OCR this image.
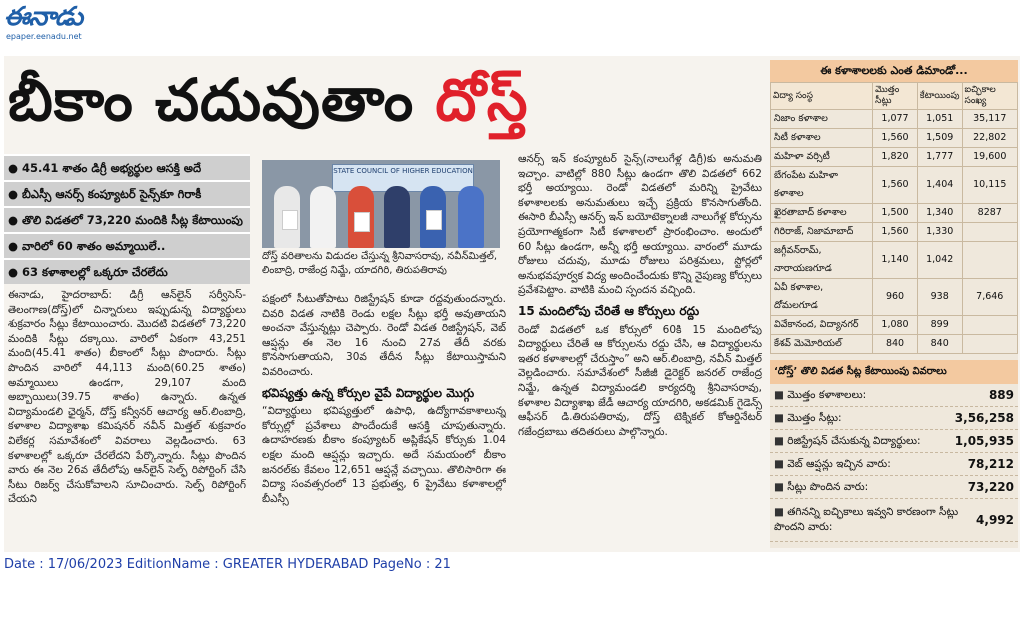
ఈనాడు
epaper.eenadu.net
బీకాం చదువుతాం దోస్త్
● 45.41 శాతం డిగ్రీ అభ్యర్థుల ఆసక్తి అదే
● బీఎస్సీ ఆనర్స్ కంప్యూటర్ సైన్స్‌కూ గిరాకీ
● తొలి విడతలో 73,220 మందికి సీట్ల కేటాయింపు
● వారిలో 60 శాతం అమ్మాయిలే..
● 63 కళాశాలల్లో ఒక్కరూ చేరలేదు
ఈనాడు, హైదరాబాద్: డిగ్రీ ఆన్‌లైన్ సర్వీసెస్-తెలంగాణ(దోస్త్)లో చిన్నారులు ఇప్పుడున్న విద్యార్థులు శుక్రవారం సీట్లు కేటాయించారు. మొదటి విడతలో 73,220 మందికి సీట్లు దక్కాయి. వారిలో ఏకంగా 43,251 మంది(45.41 శాతం) బీకాంలో సీట్లు పొందారు. సీట్లు పొందిన వారిలో 44,113 మంది(60.25 శాతం) అమ్మాయిలు ఉండగా, 29,107 మంది అబ్బాయిలు(39.75 శాతం) ఉన్నారు. ఉన్నత విద్యామండలి ఛైర్మన్, దోస్త్ కన్వీనర్ ఆచార్య ఆర్.లింబాద్రి, కళాశాల విద్యాశాఖ కమిషనర్ నవీన్ మిత్తల్ శుక్రవారం విలేకర్ల సమావేశంలో వివరాలు వెల్లడించారు. 63 కళాశాలల్లో ఒక్కరూ చేరలేదని పేర్కొన్నారు. సీట్లు పొందిన వారు ఈ నెల 26వ తేదీలోపు ఆన్‌లైన్ సెల్ఫ్ రిపోర్టింగ్ చేసి సీటు రిజర్వ్ చేసుకోవాలని సూచించారు. సెల్ఫ్ రిపోర్టింగ్ చేయని
STATE COUNCIL OF HIGHER EDUCATION
దోస్త్ వరితాలను విడుదల చేస్తున్న శ్రీనివాసరావు, నవీన్‌మిత్తల్, లింబాద్రి, రాజేంద్ర నిమ్జే, యాదగిరి, తిరుపతిరావు
పక్షంలో సీటుతోపాటు రిజిస్ట్రేషన్ కూడా రద్దవుతుందన్నారు. చివరి విడత నాటికి రెండు లక్షల సీట్లు భర్తీ అవుతాయని అంచనా వేస్తున్నట్లు చెప్పారు. రెండో విడత రిజిస్ట్రేషన్, వెబ్ ఆప్షన్లు ఈ నెల 16 నుంచి 27వ తేదీ వరకు కొనసాగుతాయని, 30వ తేదీన సీట్లు కేటాయిస్తామని వివరించారు.
భవిష్యత్తు ఉన్న కోర్సుల వైపే విద్యార్థుల మొగ్గు
“విద్యార్థులు భవిష్యత్తులో ఉపాధి, ఉద్యోగావకాశాలున్న కోర్సుల్లో ప్రవేశాలు పొందేందుకే ఆసక్తి చూపుతున్నారు. ఉదాహరణకు బీకాం కంప్యూటర్ అప్లికేషన్ కోర్సుకు 1.04 లక్షల మంది ఆప్షన్లు ఇచ్చారు. అదే సమయంలో బీకాం జనరల్‌కు కేవలం 12,651 ఆప్షన్లే వచ్చాయి. తొలిసారిగా ఈ విద్యా సంవత్సరంలో 13 ప్రభుత్వ, 6 ప్రైవేటు కళాశాలల్లో బీఎస్సీ
ఆనర్స్ ఇన్ కంప్యూటర్ సైన్స్(నాలుగేళ్ల డిగ్రీ)కు అనుమతి ఇచ్చాం. వాటిల్లో 880 సీట్లు ఉండగా తొలి విడతలో 662 భర్తీ అయ్యాయి. రెండో విడతలో మరిన్ని ప్రైవేటు కళాశాలలకు అనుమతులు ఇచ్చే ప్రక్రియ కొనసాగుతోంది. ఈసారి బీఎస్సీ ఆనర్స్ ఇన్ బయోటెక్నాలజీ నాలుగేళ్ల కోర్సును ప్రయోగాత్మకంగా సిటీ కళాశాలలో ప్రారంభించాం. అందులో 60 సీట్లు ఉండగా, అన్నీ భర్తీ అయ్యాయి. వారంలో మూడు రోజులు చదువు, మూడు రోజులు పరిశ్రమలు, స్టోర్లలో అనుభవపూర్వక విద్య అందించేందుకు కొన్ని నైపుణ్య కోర్సులు ప్రవేశపెట్టాం. వాటికి మంచి స్పందన వచ్చింది.
15 మందిలోపు చేరితే ఆ కోర్సులు రద్దు
రెండో విడతలో ఒక కోర్సులో 60కి 15 మందిలోపు విద్యార్థులు చేరితే ఆ కోర్సులను రద్దు చేసి, ఆ విద్యార్థులను ఇతర కళాశాలల్లో చేరుస్తాం” అని ఆర్.లింబాద్రి, నవీన్ మిత్తల్ వెల్లడించారు. సమావేశంలో సీజీజీ డైరెక్టర్ జనరల్ రాజేంద్ర నిమ్జే, ఉన్నత విద్యామండలి కార్యదర్శి శ్రీనివాసరావు, కళాశాల విద్యాశాఖ జేడీ ఆచార్య యాదగిరి, అకడమిక్ గైడెన్స్ ఆఫీసర్ డి.తిరుపతిరావు, దోస్త్ టెక్నికల్ కోఆర్డినేటర్ గజేంద్రబాబు తదితరులు పాల్గొన్నారు.
ఈ కళాశాలలకు ఎంత డిమాండో...
విద్యా సంస్థ	మొత్తం సీట్లు	కేటాయింపు	ఐచ్ఛికాల సంఖ్య
నిజాం కళాశాల	1,077	1,051	35,117
సిటీ కళాశాల	1,560	1,509	22,802
మహిళా వర్సిటీ	1,820	1,777	19,600
బేగంపేట మహిళా కళాశాల	1,560	1,404	10,115
ఖైరతాబాద్ కళాశాల	1,500	1,340	8287
గిరిరాజ్, నిజామాబాద్	1,560	1,330	
జగ్గీవన్‌రామ్, నారాయణగూడ	1,140	1,042	
ఏవీ కళాశాల, దోమలగూడ	960	938	7,646
వివేకానంద, విద్యానగర్	1,080	899	
కేశవ్ మెమోరియల్	840	840	
‘దోస్త్’ తొలి విడత సీట్ల కేటాయింపు వివరాలు
■ మొత్తం కళాశాలలు:	889
■ మొత్తం సీట్లు:	3,56,258
■ రిజిస్ట్రేషన్ చేసుకున్న విద్యార్థులు:	1,05,935
■ వెబ్ ఆప్షన్లు ఇచ్చిన వారు:	78,212
■ సీట్లు పొందిన వారు:	73,220
■ తగినన్ని ఐచ్ఛికాలు ఇవ్వని కారణంగా సీట్లు పొందని వారు:
4,992
Date : 17/06/2023 EditionName : GREATER HYDERABAD PageNo : 21
